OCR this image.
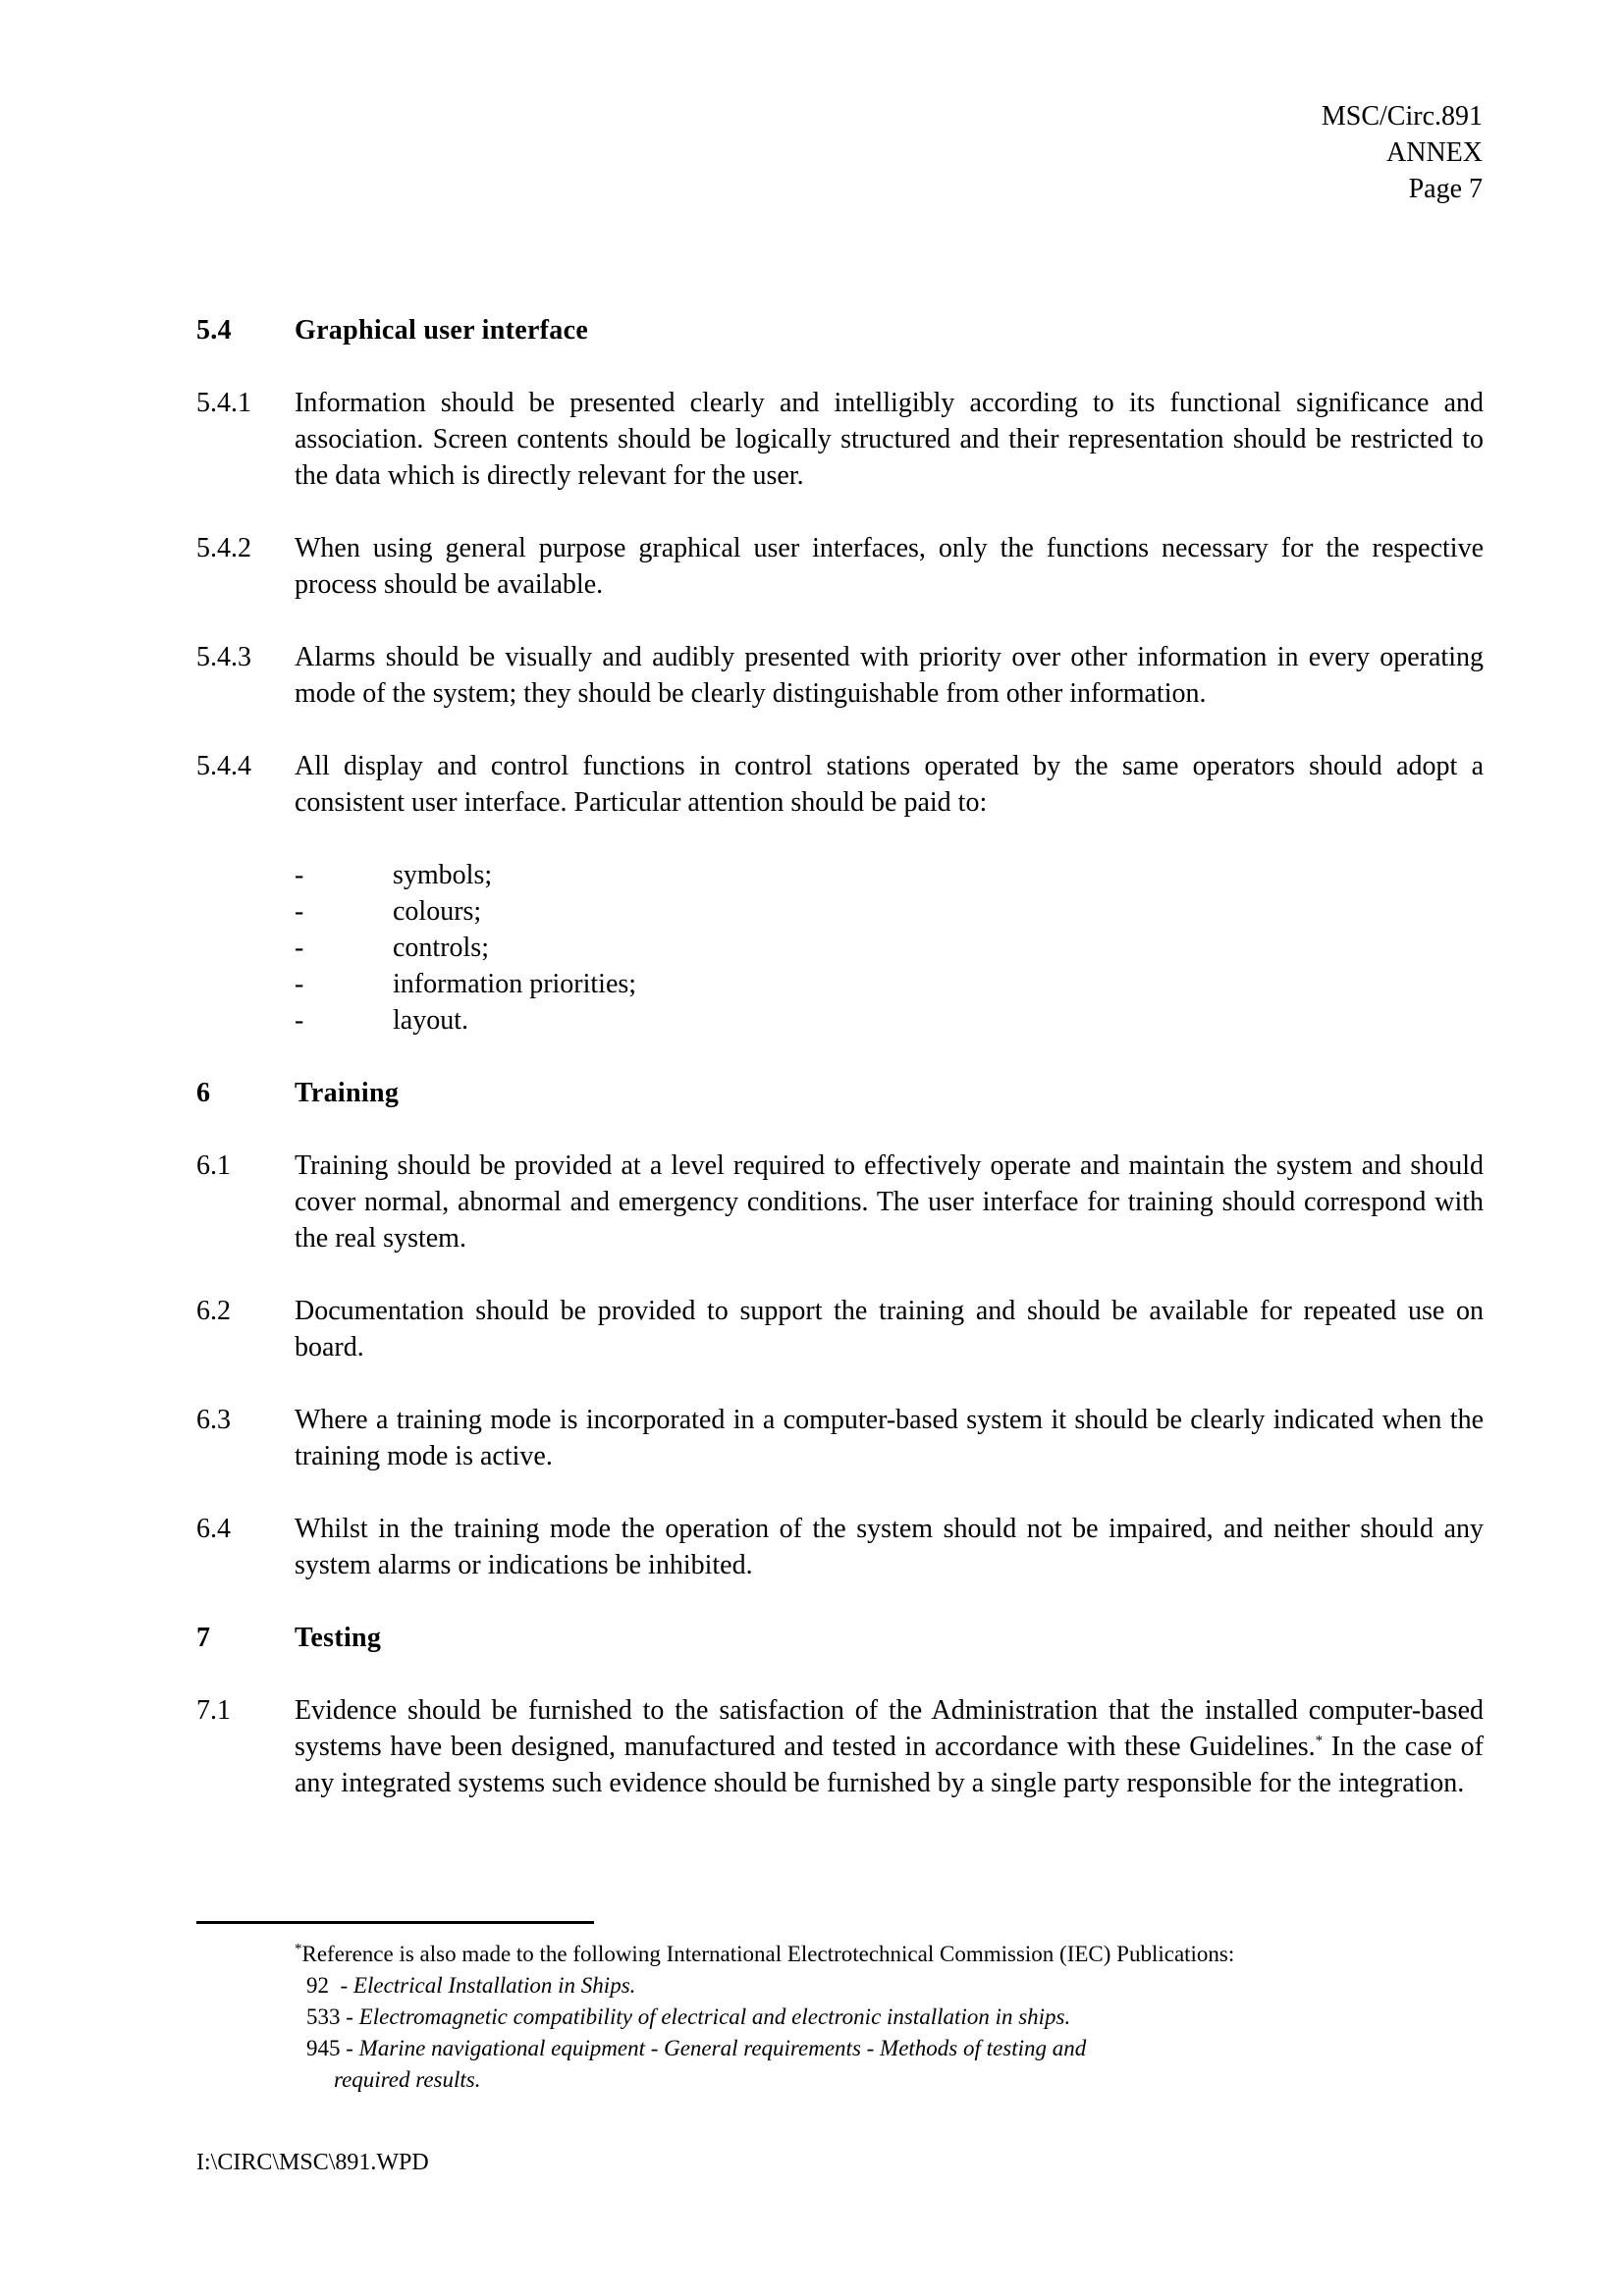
MSC/Circ.891
ANNEX
Page 7
5.4	Graphical user interface
5.4.1	Information should be presented clearly and intelligibly according to its functional significance and association. Screen contents should be logically structured and their representation should be restricted to the data which is directly relevant for the user.
5.4.2	When using general purpose graphical user interfaces, only the functions necessary for the respective process should be available.
5.4.3	Alarms should be visually and audibly presented with priority over other information in every operating mode of the system; they should be clearly distinguishable from other information.
5.4.4	All display and control functions in control stations operated by the same operators should adopt a consistent user interface. Particular attention should be paid to:
-	symbols;
-	colours;
-	controls;
-	information priorities;
-	layout.
6	Training
6.1	Training should be provided at a level required to effectively operate and maintain the system and should cover normal, abnormal and emergency conditions. The user interface for training should correspond with the real system.
6.2	Documentation should be provided to support the training and should be available for repeated use on board.
6.3	Where a training mode is incorporated in a computer-based system it should be clearly indicated when the training mode is active.
6.4	Whilst in the training mode the operation of the system should not be impaired, and neither should any system alarms or indications be inhibited.
7	Testing
7.1	Evidence should be furnished to the satisfaction of the Administration that the installed computer-based systems have been designed, manufactured and tested in accordance with these Guidelines.* In the case of any integrated systems such evidence should be furnished by a single party responsible for the integration.
*Reference is also made to the following International Electrotechnical Commission (IEC) Publications:
92  - Electrical Installation in Ships.
533 - Electromagnetic compatibility of electrical and electronic installation in ships.
945 - Marine navigational equipment - General requirements - Methods of testing and
required results.
I:\CIRC\MSC\891.WPD
